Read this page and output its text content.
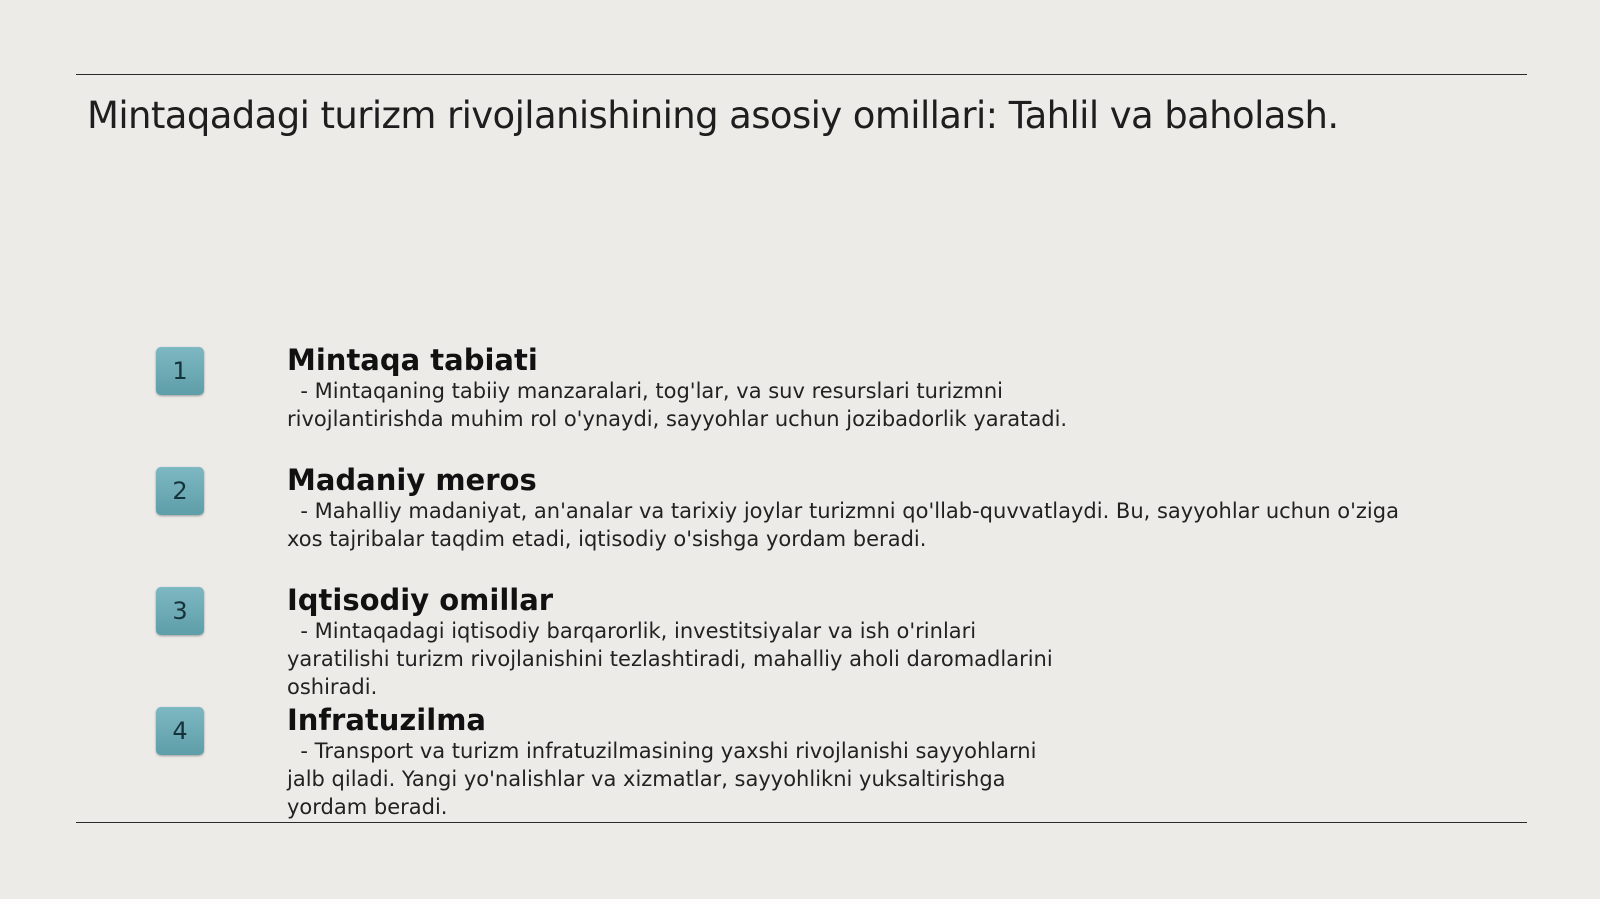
Mintaqadagi turizm rivojlanishining asosiy omillari: Tahlil va baholash.
1	Mintaqa tabiati
- Mintaqaning tabiiy manzaralari, tog'lar, va suv resurslari turizmni
rivojlantirishda muhim rol o'ynaydi, sayyohlar uchun jozibadorlik yaratadi.
2	Madaniy meros
- Mahalliy madaniyat, an'analar va tarixiy joylar turizmni qo'llab-quvvatlaydi. Bu, sayyohlar uchun o'ziga
xos tajribalar taqdim etadi, iqtisodiy o'sishga yordam beradi.
3	Iqtisodiy omillar
- Mintaqadagi iqtisodiy barqarorlik, investitsiyalar va ish o'rinlari
yaratilishi turizm rivojlanishini tezlashtiradi, mahalliy aholi daromadlarini
oshiradi.
4	Infratuzilma
- Transport va turizm infratuzilmasining yaxshi rivojlanishi sayyohlarni
jalb qiladi. Yangi yo'nalishlar va xizmatlar, sayyohlikni yuksaltirishga
yordam beradi.
